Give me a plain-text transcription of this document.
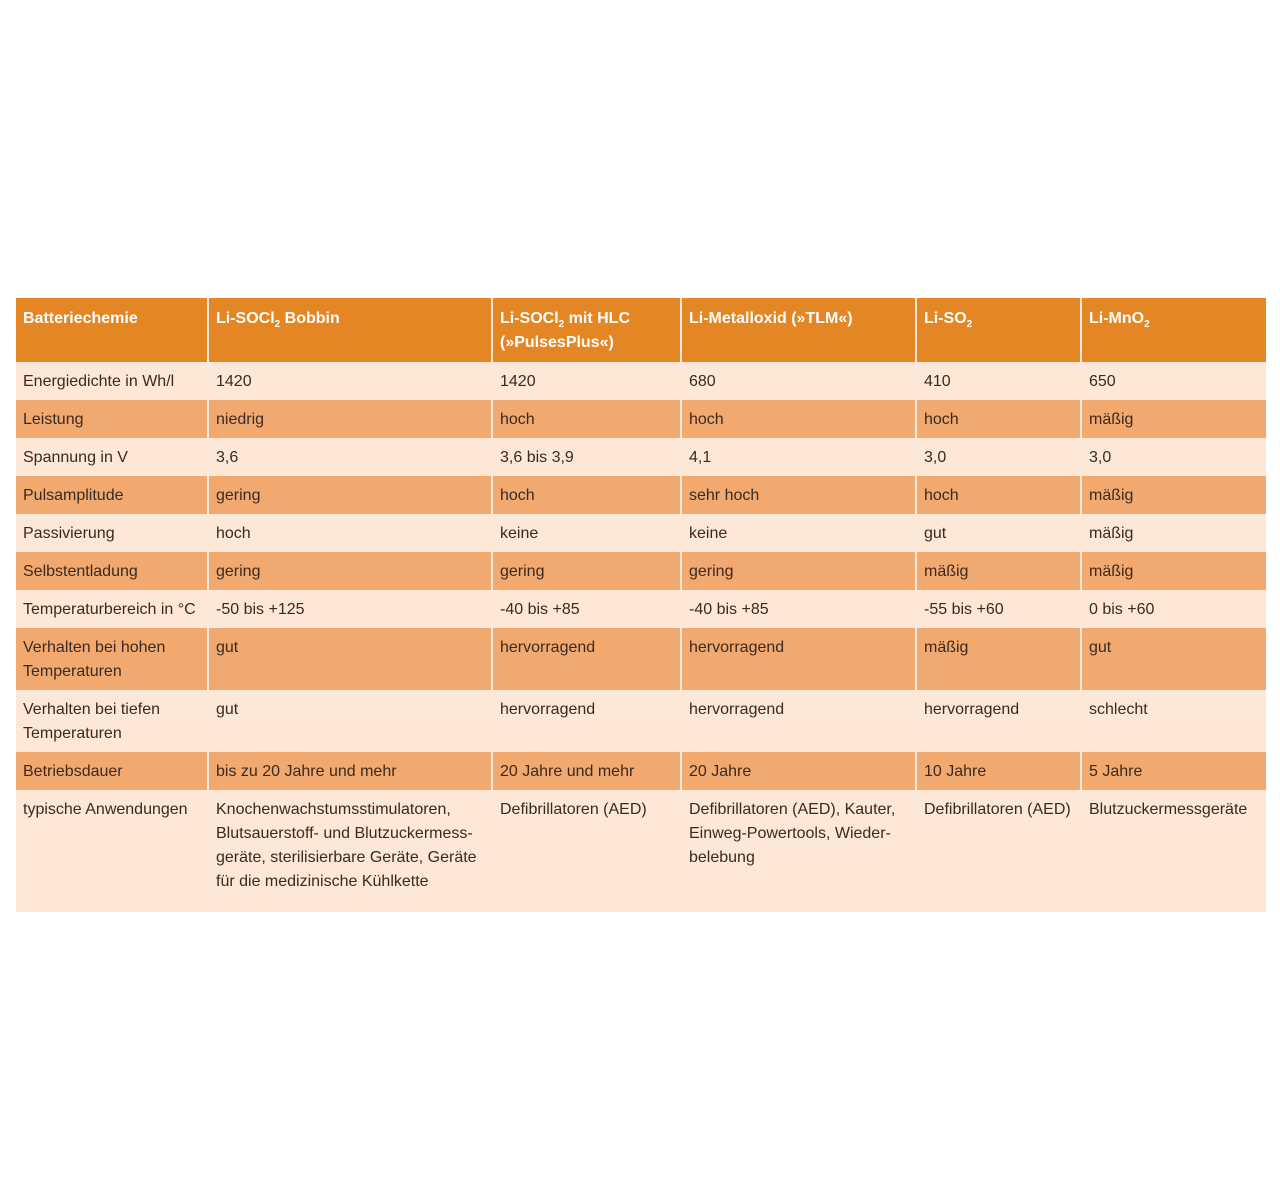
Batteriechemie	Li-SOCl$_2$ Bobbin	Li-SOCl$_2$ mit HLC (»PulsesPlus«)	Li-Metalloxid (»TLM«)	$Li-SO_2$	Li-MnO$_2$
Energiedichte in Wh/l	1420	1420	680	410	650
Leistung	niedrig	hoch	hoch	hoch	mäßig
Spannung in V	3,6	3,6 bis 3,9	4,1	3,0	3,0
Pulsamplitude	gering	hoch	sehr hoch	hoch	mäßig
Passivierung	hoch	keine	keine	gut	mäßig
Selbstentladung	gering	gering	gering	mäßig	mäßig
Temperaturbereich in °C	-50 bis +125	-40 bis +85	-40 bis +85	-55 bis +60	0 bis +60
Verhalten bei hohen Temperaturen	gut	hervorragend	hervorragend	mäßig	gut
Verhalten bei tiefen Temperaturen	gut	hervorragend	hervorragend	hervorragend	schlecht
Betriebsdauer	bis zu 20 Jahre und mehr	20 Jahre und mehr	20 Jahre	10 Jahre	5 Jahre
typische Anwendungen	Knochenwachstumsstimulatoren, Blutsauerstoff- und Blutzuckermess-geräte, sterilisierbare Geräte, Geräte für die medizinische Kühlkette	Defibrillatoren (AED)	Defibrillatoren (AED), Kauter, Einweg-Powertools, Wieder-belebung	Defibrillatoren (AED)	Blutzuckermessgeräte
